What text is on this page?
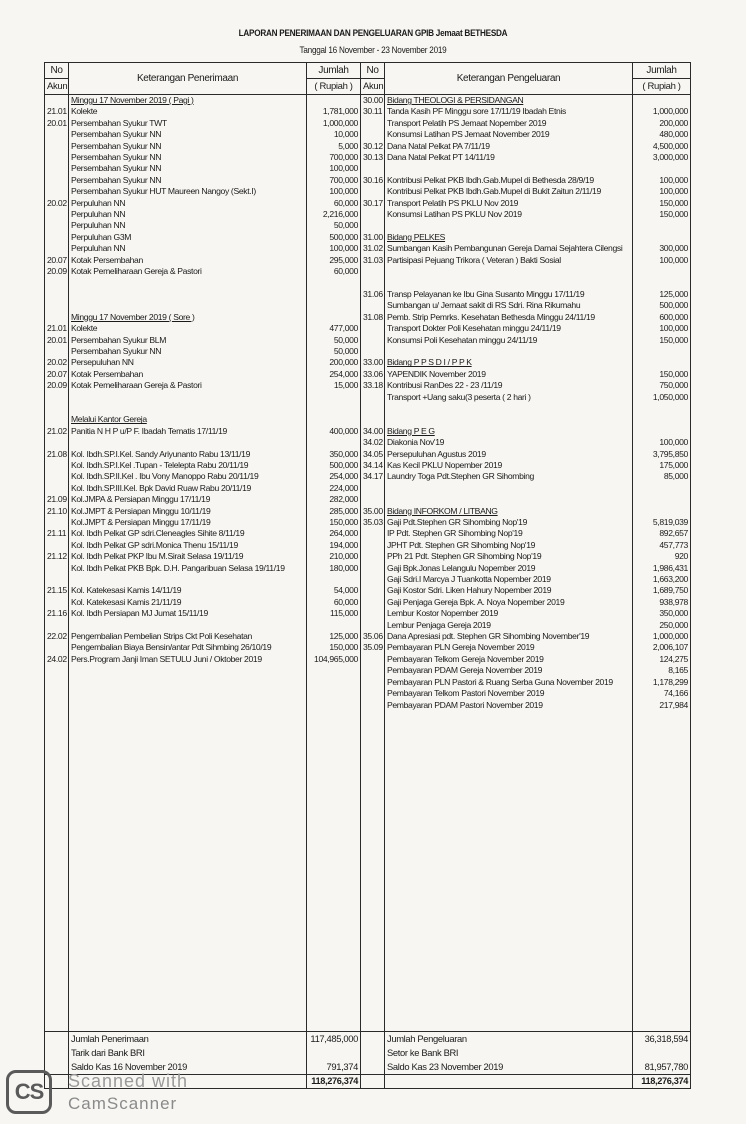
LAPORAN PENERIMAAN DAN PENGELUARAN GPIB Jemaat BETHESDA
Tanggal 16 November - 23 November 2019
No	Keterangan Penerimaan	Jumlah	No	Keterangan Pengeluaran	Jumlah
Akun		( Rupiah )	Akun		( Rupiah )
	Minggu 17 November 2019 ( Pagi )		30.00	Bidang THEOLOGI & PERSIDANGAN	
21.01	Kolekte	1,781,000	30.11	Tanda Kasih PF Minggu sore 17/11/19 Ibadah Etnis	1,000,000
20.01	Persembahan Syukur TWT	1,000,000		Transport Pelatih PS Jemaat Nopember 2019	200,000
	Persembahan Syukur NN	10,000		Konsumsi Latihan PS Jemaat November 2019	480,000
	Persembahan Syukur NN	5,000	30.12	Dana Natal Pelkat PA 7/11/19	4,500,000
	Persembahan Syukur NN	700,000	30.13	Dana Natal Pelkat PT 14/11/19	3,000,000
	Persembahan Syukur NN	100,000			
	Persembahan Syukur NN	700,000	30.16	Kontribusi Pelkat PKB Ibdh.Gab.Mupel di Bethesda 28/9/19	100,000
	Persembahan Syukur HUT Maureen Nangoy (Sekt.I)	100,000		Kontribusi Pelkat PKB Ibdh.Gab.Mupel di Bukit Zaitun 2/11/19	100,000
20.02	Perpuluhan NN	60,000	30.17	Transport Pelatih PS PKLU Nov 2019	150,000
	Perpuluhan NN	2,216,000		Konsumsi Latihan PS PKLU Nov 2019	150,000
	Perpuluhan NN	50,000			
	Perpuluhan G3M	500,000	31.00	Bidang PELKES	
	Perpuluhan NN	100,000	31.02	Sumbangan Kasih Pembangunan Gereja Damai Sejahtera Cilengsi	300,000
20.07	Kotak Persembahan	295,000	31.03	Partisipasi Pejuang Trikora ( Veteran ) Bakti Sosial	100,000
20.09	Kotak Pemeliharaan Gereja & Pastori	60,000			

			31.06	Transp Pelayanan ke Ibu Gina Susanto Minggu 17/11/19	125,000
				Sumbangan u/ Jemaat sakit di RS Sdri. Rina Rikumahu	500,000
	Minggu 17 November 2019 ( Sore )		31.08	Pemb. Strip Pemrks. Kesehatan Bethesda Minggu 24/11/19	600,000
21.01	Kolekte	477,000		Transport Dokter Poli Kesehatan minggu 24/11/19	100,000
20.01	Persembahan Syukur BLM	50,000		Konsumsi Poli Kesehatan minggu 24/11/19	150,000
	Persembahan Syukur NN	50,000			
20.02	Persepuluhan NN	200,000	33.00	Bidang P P S D I / P P K	
20.07	Kotak Persembahan	254,000	33.06	YAPENDIK November 2019	150,000
20.09	Kotak Pemeliharaan Gereja & Pastori	15,000	33.18	Kontribusi RanDes 22 - 23 /11/19	750,000
				Transport +Uang saku(3 peserta ( 2 hari )	1,050,000

	Melalui Kantor Gereja				
21.02	Panitia N H P u/P F. Ibadah Tematis 17/11/19	400,000	34.00	Bidang P E G	
			34.02	Diakonia Nov'19	100,000
21.08	Kol. Ibdh.SP.I.Kel. Sandy Ariyunanto Rabu 13/11/19	350,000	34.05	Persepuluhan Agustus 2019	3,795,850
	Kol. Ibdh.SP.I.Kel .Tupan - Telelepta Rabu 20/11/19	500,000	34.14	Kas Kecil PKLU Nopember 2019	175,000
	Kol. Ibdh.SP.II.Kel . Ibu Vony Manoppo Rabu 20/11/19	254,000	34.17	Laundry Toga Pdt.Stephen GR Sihombing	85,000
	Kol. Ibdh.SP.III.Kel. Bpk David Ruaw Rabu 20/11/19	224,000			
21.09	Kol.JMPA & Persiapan Minggu 17/11/19	282,000			
21.10	Kol.JMPT & Persiapan Minggu 10/11/19	285,000	35.00	Bidang INFORKOM / LITBANG	
	Kol.JMPT & Persiapan Minggu 17/11/19	150,000	35.03	Gaji Pdt.Stephen GR Sihombing Nop'19	5,819,039
21.11	Kol. Ibdh Pelkat GP sdri.Cleneagles Sihite 8/11/19	264,000		IP Pdt. Stephen GR Sihombing Nop'19	892,657
	Kol. Ibdh Pelkat GP sdri.Monica Thenu 15/11/19	194,000		JPHT Pdt. Stephen GR Sihombing Nop'19	457,773
21.12	Kol. Ibdh Pelkat PKP Ibu M.Sirait Selasa 19/11/19	210,000		PPh 21 Pdt. Stephen GR Sihombing Nop'19	920
	Kol. Ibdh Pelkat PKB Bpk. D.H. Pangaribuan Selasa 19/11/19	180,000		Gaji Bpk.Jonas Lelangulu Nopember 2019	1,986,431
				Gaji Sdri.I Marcya J Tuankotta Nopember 2019	1,663,200
21.15	Kol. Katekesasi Kamis 14/11/19	54,000		Gaji Kostor Sdri. Liken Hahury Nopember 2019	1,689,750
	Kol. Katekesasi Kamis 21/11/19	60,000		Gaji Penjaga Gereja Bpk. A. Noya Nopember 2019	938,978
21.16	Kol. Ibdh Persiapan MJ Jumat 15/11/19	115,000		Lembur Kostor Nopember 2019	350,000
				Lembur Penjaga Gereja 2019	250,000
22.02	Pengembalian Pembelian Strips Ckt Poli Kesehatan	125,000	35.06	Dana Apresiasi pdt. Stephen GR Sihombing November'19	1,000,000
	Pengembalian Biaya Bensin/antar Pdt Sihmbing 26/10/19	150,000	35.09	Pembayaran PLN Gereja November 2019	2,006,107
24.02	Pers.Program Janji Iman SETULU Juni / Oktober 2019	104,965,000		Pembayaran Telkom Gereja November 2019	124,275
				Pembayaran PDAM Gereja November 2019	8,165
				Pembayaran PLN Pastori & Ruang Serba Guna November 2019	1,178,299
				Pembayaran Telkom Pastori November 2019	74,166
				Pembayaran PDAM Pastori November 2019	217,984

	Jumlah Penerimaan	117,485,000		Jumlah Pengeluaran	36,318,594
	Tarik dari Bank BRI			Setor ke Bank BRI	
	Saldo Kas 16 November 2019	791,374		Saldo Kas 23 November 2019	81,957,780
		118,276,374			118,276,374
CS	Scanned with
CamScanner
